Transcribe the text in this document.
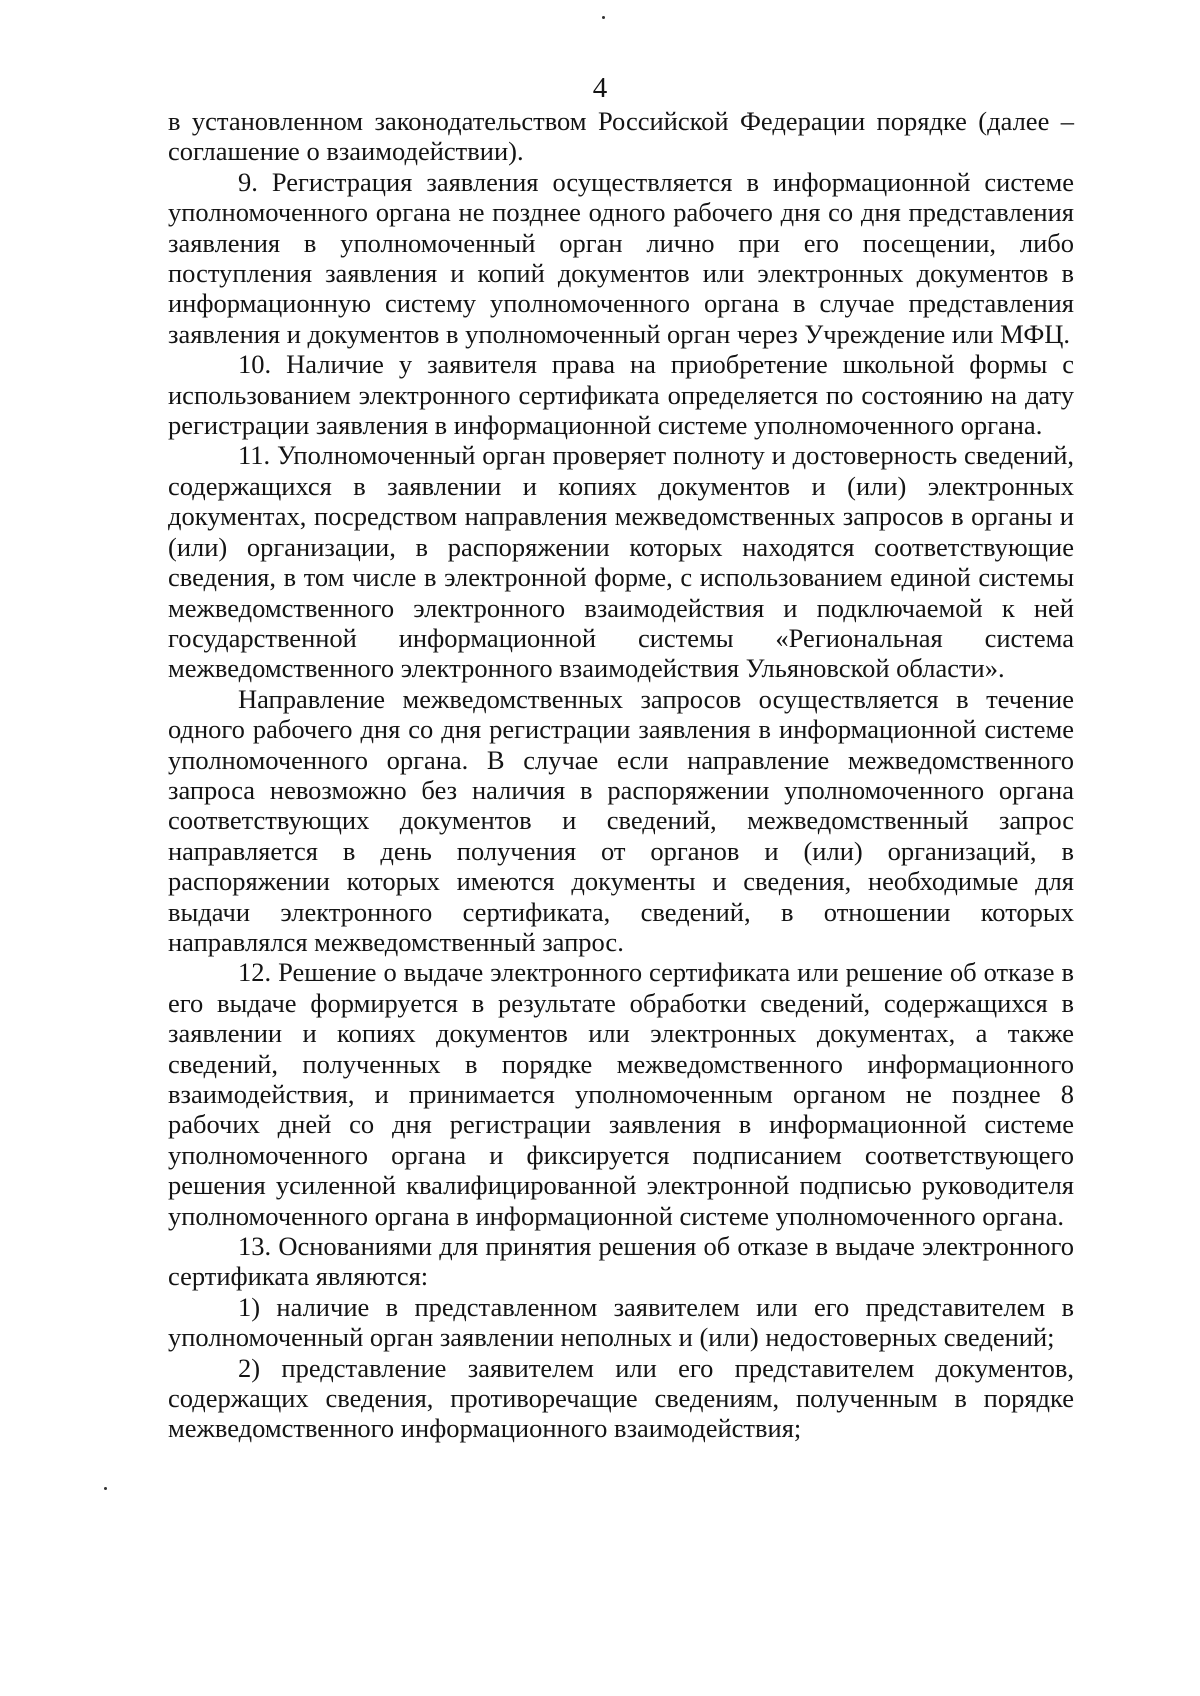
4

в установленном законодательством Российской Федерации порядке (далее – соглашение о взаимодействии).

9. Регистрация заявления осуществляется в информационной системе уполномоченного органа не позднее одного рабочего дня со дня представления заявления в уполномоченный орган лично при его посещении, либо поступления заявления и копий документов или электронных документов в информационную систему уполномоченного органа в случае представления заявления и документов в уполномоченный орган через Учреждение или МФЦ.

10. Наличие у заявителя права на приобретение школьной формы с использованием электронного сертификата определяется по состоянию на дату регистрации заявления в информационной системе уполномоченного органа.

11. Уполномоченный орган проверяет полноту и достоверность сведений, содержащихся в заявлении и копиях документов и (или) электронных документах, посредством направления межведомственных запросов в органы и (или) организации, в распоряжении которых находятся соответствующие сведения, в том числе в электронной форме, с использованием единой системы межведомственного электронного взаимодействия и подключаемой к ней государственной информационной системы «Региональная система межведомственного электронного взаимодействия Ульяновской области».

Направление межведомственных запросов осуществляется в течение одного рабочего дня со дня регистрации заявления в информационной системе уполномоченного органа. В случае если направление межведомственного запроса невозможно без наличия в распоряжении уполномоченного органа соответствующих документов и сведений, межведомственный запрос направляется в день получения от органов и (или) организаций, в распоряжении которых имеются документы и сведения, необходимые для выдачи электронного сертификата, сведений, в отношении которых направлялся межведомственный запрос.

12. Решение о выдаче электронного сертификата или решение об отказе в его выдаче формируется в результате обработки сведений, содержащихся в заявлении и копиях документов или электронных документах, а также сведений, полученных в порядке межведомственного информационного взаимодействия, и принимается уполномоченным органом не позднее 8 рабочих дней со дня регистрации заявления в информационной системе уполномоченного органа и фиксируется подписанием соответствующего решения усиленной квалифицированной электронной подписью руководителя уполномоченного органа в информационной системе уполномоченного органа.

13. Основаниями для принятия решения об отказе в выдаче электронного сертификата являются:

1) наличие в представленном заявителем или его представителем в уполномоченный орган заявлении неполных и (или) недостоверных сведений;

2) представление заявителем или его представителем документов, содержащих сведения, противоречащие сведениям, полученным в порядке межведомственного информационного взаимодействия;
